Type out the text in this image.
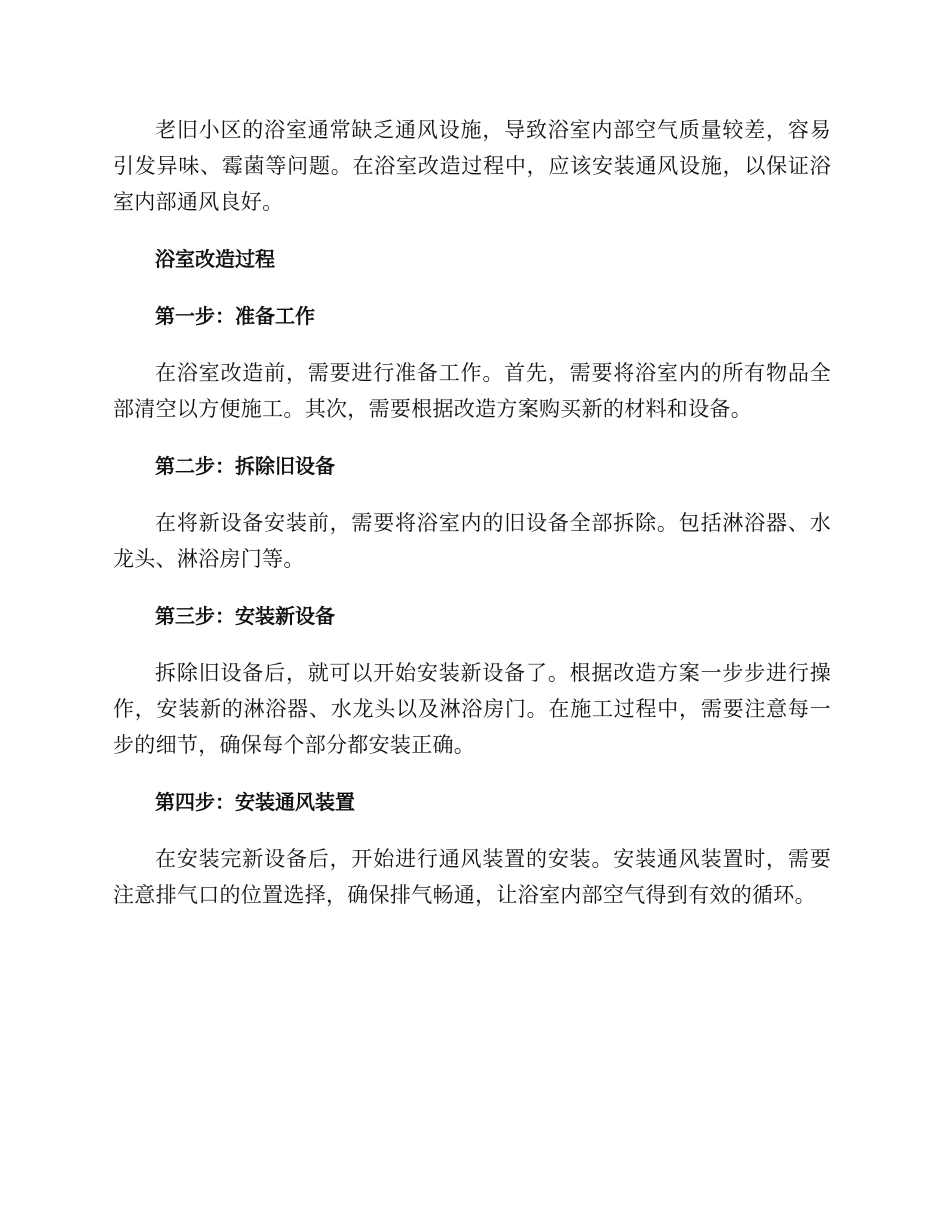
老旧小区的浴室通常缺乏通风设施，导致浴室内部空气质量较差，容易引发异味、霉菌等问题。在浴室改造过程中，应该安装通风设施，以保证浴室内部通风良好。

浴室改造过程

第一步：准备工作

在浴室改造前，需要进行准备工作。首先，需要将浴室内的所有物品全部清空以方便施工。其次，需要根据改造方案购买新的材料和设备。

第二步：拆除旧设备

在将新设备安装前，需要将浴室内的旧设备全部拆除。包括淋浴器、水龙头、淋浴房门等。

第三步：安装新设备

拆除旧设备后，就可以开始安装新设备了。根据改造方案一步步进行操作，安装新的淋浴器、水龙头以及淋浴房门。在施工过程中，需要注意每一步的细节，确保每个部分都安装正确。

第四步：安装通风装置

在安装完新设备后，开始进行通风装置的安装。安装通风装置时，需要注意排气口的位置选择，确保排气畅通，让浴室内部空气得到有效的循环。
